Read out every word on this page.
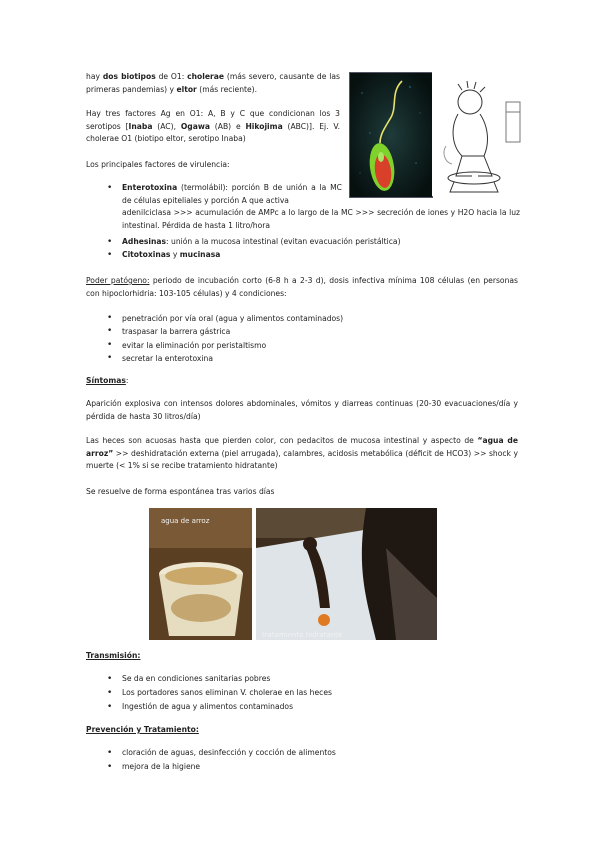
hay dos biotipos de O1: cholerae (más severo, causante de las primeras pandemias) y eltor (más reciente).

Hay tres factores Ag en O1: A, B y C que condicionan los 3 serotipos [Inaba (AC), Ogawa (AB) e Hikojima (ABC)]. Ej. V. cholerae O1 (biotipo eltor, serotipo Inaba)

Los principales factores de virulencia:

• Enterotoxina (termolábil): porción B de unión a la MC de células epiteliales y porción A que activa

adenilciclasa >>> acumulación de AMPc a lo largo de la MC >>> secreción de iones y H2O hacia la luz intestinal. Pérdida de hasta 1 litro/hora

• Adhesinas: unión a la mucosa intestinal (evitan evacuación peristáltica)
• Citotoxinas y mucinasa

Poder patógeno: periodo de incubación corto (6-8 h a 2-3 d), dosis infectiva mínima 108 células (en personas con hipoclorhidria: 103-105 células) y 4 condiciones:

• penetración por vía oral (agua y alimentos contaminados)
• traspasar la barrera gástrica
• evitar la eliminación por peristaltismo
• secretar la enterotoxina

Síntomas:

Aparición explosiva con intensos dolores abdominales, vómitos y diarreas continuas (20-30 evacuaciones/día y pérdida de hasta 30 litros/día)

Las heces son acuosas hasta que pierden color, con pedacitos de mucosa intestinal y aspecto de “agua de arroz” >> deshidratación externa (piel arrugada), calambres, acidosis metabólica (déficit de HCO3) >> shock y muerte (< 1% si se recibe tratamiento hidratante)

Se resuelve de forma espontánea tras varios días

agua de arroz
tratamiento hidratante

Transmisión:

• Se da en condiciones sanitarias pobres
• Los portadores sanos eliminan V. cholerae en las heces
• Ingestión de agua y alimentos contaminados

Prevención y Tratamiento:

• cloración de aguas, desinfección y cocción de alimentos
• mejora de la higiene
